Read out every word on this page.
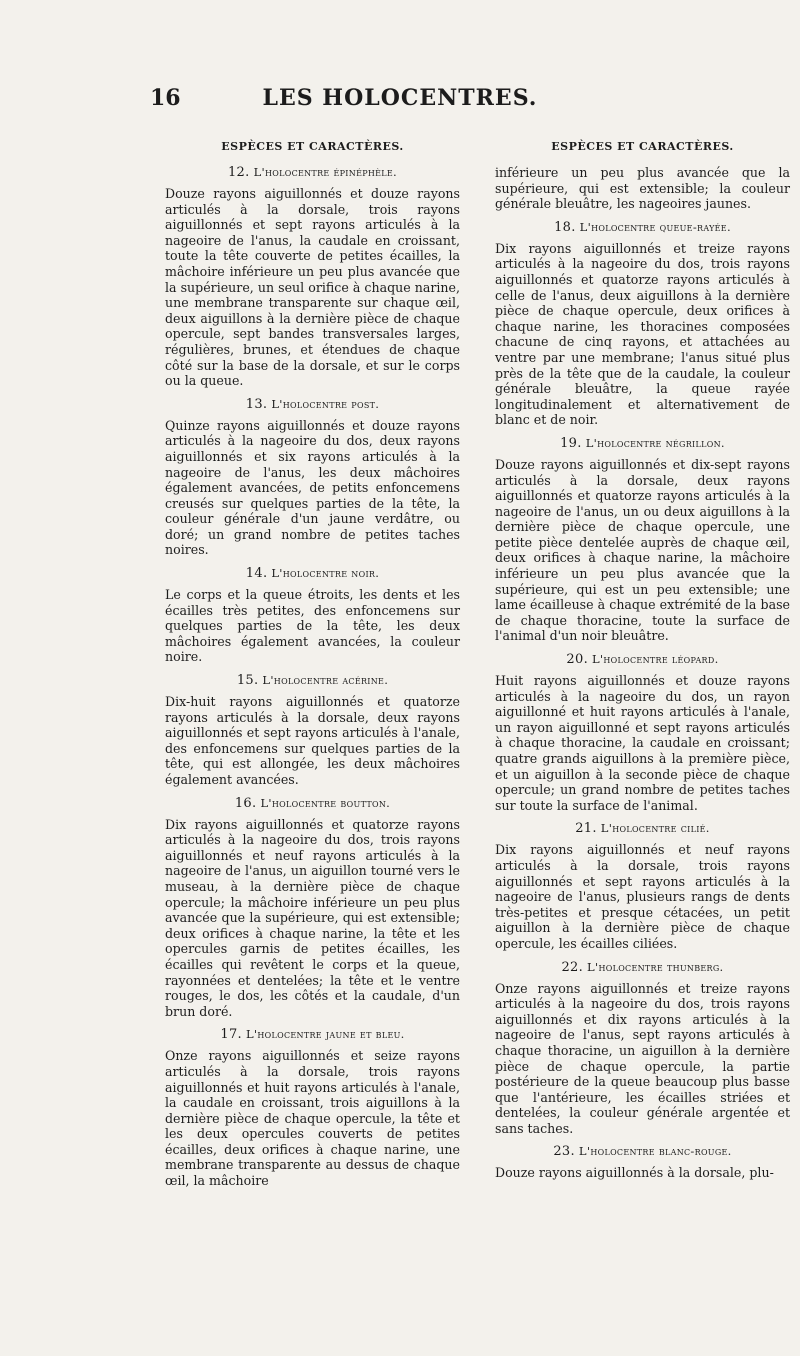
LES HOLOCENTRES.
16
ESPÈCES ET CARACTÈRES.
12. L'holocentre épinéphèle.

Douze rayons aiguillonnés et douze rayons articulés à la dorsale, trois rayons aiguillonnés et sept rayons articulés à la nageoire de l'anus, la caudale en croissant, toute la tête couverte de petites écailles, la mâchoire inférieure un peu plus avancée que la supérieure, un seul orifice à chaque narine, une membrane transparente sur chaque œil, deux aiguillons à la dernière pièce de chaque opercule, sept bandes transversales larges, régulières, brunes, et étendues de chaque côté sur la base de la dorsale, et sur le corps ou la queue.

13. L'holocentre post.

Quinze rayons aiguillonnés et douze rayons articulés à la nageoire du dos, deux rayons aiguillonnés et six rayons articulés à la nageoire de l'anus, les deux mâchoires également avancées, de petits enfoncemens creusés sur quelques parties de la tête, la couleur générale d'un jaune verdâtre, ou doré; un grand nombre de petites taches noires.

14. L'holocentre noir.

Le corps et la queue étroits, les dents et les écailles très petites, des enfoncemens sur quelques parties de la tête, les deux mâchoires également avancées, la couleur noire.

15. L'holocentre acérine.

Dix-huit rayons aiguillonnés et quatorze rayons articulés à la dorsale, deux rayons aiguillonnés et sept rayons articulés à l'anale, des enfoncemens sur quelques parties de la tête, qui est allongée, les deux mâchoires également avancées.

16. L'holocentre boutton.

Dix rayons aiguillonnés et quatorze rayons articulés à la nageoire du dos, trois rayons aiguillonnés et neuf rayons articulés à la nageoire de l'anus, un aiguillon tourné vers le museau, à la dernière pièce de chaque opercule; la mâchoire inférieure un peu plus avancée que la supérieure, qui est extensible; deux orifices à chaque narine, la tête et les opercules garnis de petites écailles, les écailles qui revêtent le corps et la queue, rayonnées et dentelées; la tête et le ventre rouges, le dos, les côtés et la caudale, d'un brun doré.

17. L'holocentre jaune et bleu.

Onze rayons aiguillonnés et seize rayons articulés à la dorsale, trois rayons aiguillonnés et huit rayons articulés à l'anale, la caudale en croissant, trois aiguillons à la dernière pièce de chaque opercule, la tête et les deux opercules couverts de petites écailles, deux orifices à chaque narine, une membrane transparente au dessus de chaque œil, la mâchoire

ESPÈCES ET CARACTÈRES.

inférieure un peu plus avancée que la supérieure, qui est extensible; la couleur générale bleuâtre, les nageoires jaunes.

18. L'holocentre queue-rayée.

Dix rayons aiguillonnés et treize rayons articulés à la nageoire du dos, trois rayons aiguillonnés et quatorze rayons articulés à celle de l'anus, deux aiguillons à la dernière pièce de chaque opercule, deux orifices à chaque narine, les thoracines composées chacune de cinq rayons, et attachées au ventre par une membrane; l'anus situé plus près de la tête que de la caudale, la couleur générale bleuâtre, la queue rayée longitudinalement et alternativement de blanc et de noir.

19. L'holocentre négrillon.

Douze rayons aiguillonnés et dix-sept rayons articulés à la dorsale, deux rayons aiguillonnés et quatorze rayons articulés à la nageoire de l'anus, un ou deux aiguillons à la dernière pièce de chaque opercule, une petite pièce dentelée auprès de chaque œil, deux orifices à chaque narine, la mâchoire inférieure un peu plus avancée que la supérieure, qui est un peu extensible; une lame écailleuse à chaque extrémité de la base de chaque thoracine, toute la surface de l'animal d'un noir bleuâtre.

20. L'holocentre léopard.

Huit rayons aiguillonnés et douze rayons articulés à la nageoire du dos, un rayon aiguillonné et huit rayons articulés à l'anale, un rayon aiguillonné et sept rayons articulés à chaque thoracine, la caudale en croissant; quatre grands aiguillons à la première pièce, et un aiguillon à la seconde pièce de chaque opercule; un grand nombre de petites taches sur toute la surface de l'animal.

21. L'holocentre cilié.

Dix rayons aiguillonnés et neuf rayons articulés à la dorsale, trois rayons aiguillonnés et sept rayons articulés à la nageoire de l'anus, plusieurs rangs de dents très-petites et presque cétacées, un petit aiguillon à la dernière pièce de chaque opercule, les écailles ciliées.

22. L'holocentre thunberg.

Onze rayons aiguillonnés et treize rayons articulés à la nageoire du dos, trois rayons aiguillonnés et dix rayons articulés à la nageoire de l'anus, sept rayons articulés à chaque thoracine, un aiguillon à la dernière pièce de chaque opercule, la partie postérieure de la queue beaucoup plus basse que l'antérieure, les écailles striées et dentelées, la couleur générale argentée et sans taches.

23. L'holocentre blanc-rouge.

Douze rayons aiguillonnés à la dorsale, plu-
